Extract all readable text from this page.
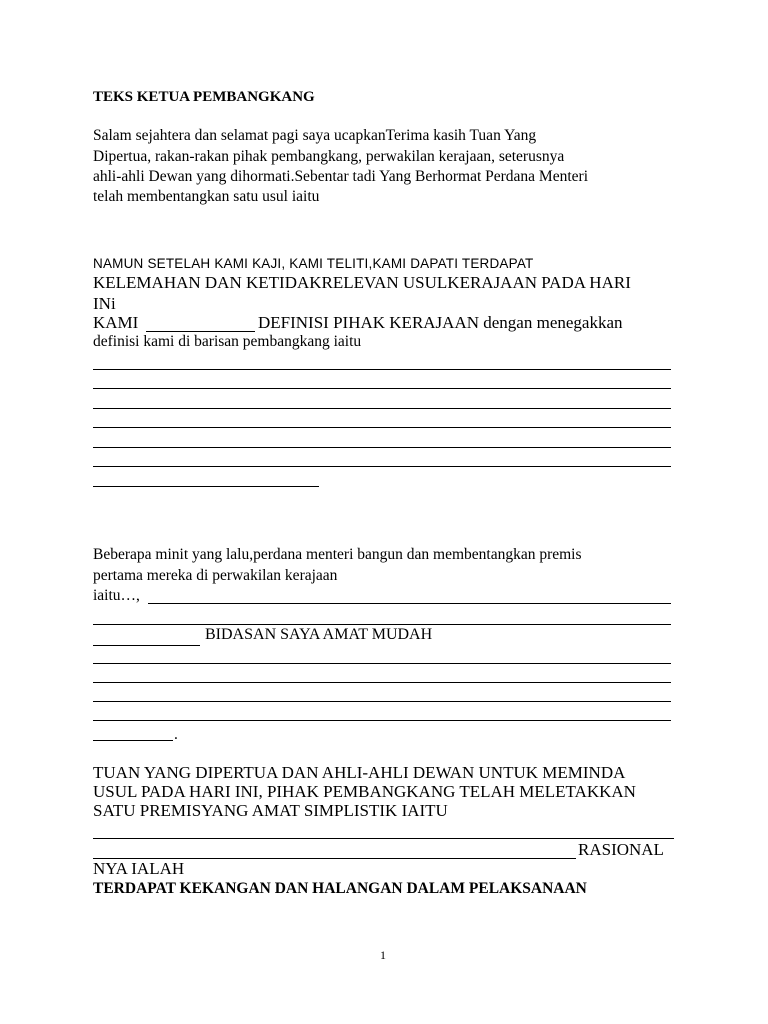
TEKS KETUA PEMBANGKANG
Salam sejahtera dan selamat pagi saya ucapkanTerima kasih Tuan Yang
Dipertua, rakan-rakan pihak pembangkang, perwakilan kerajaan, seterusnya
ahli-ahli Dewan yang dihormati.Sebentar tadi Yang Berhormat Perdana Menteri
telah membentangkan satu usul iaitu
NAMUN SETELAH KAMI KAJI, KAMI TELITI,KAMI DAPATI TERDAPAT
KELEMAHAN DAN KETIDAKRELEVAN USULKERAJAAN PADA HARI
INi
KAMI	DEFINISI PIHAK KERAJAAN dengan menegakkan
definisi kami di barisan pembangkang iaitu
Beberapa minit yang lalu,perdana menteri bangun dan membentangkan premis
pertama mereka di perwakilan kerajaan
iaitu…,
BIDASAN SAYA AMAT MUDAH
.
TUAN YANG DIPERTUA DAN AHLI-AHLI DEWAN UNTUK MEMINDA
USUL PADA HARI INI, PIHAK PEMBANGKANG TELAH MELETAKKAN
SATU PREMISYANG AMAT SIMPLISTIK IAITU
RASIONAL
NYA IALAH
TERDAPAT KEKANGAN DAN HALANGAN DALAM PELAKSANAAN
1
